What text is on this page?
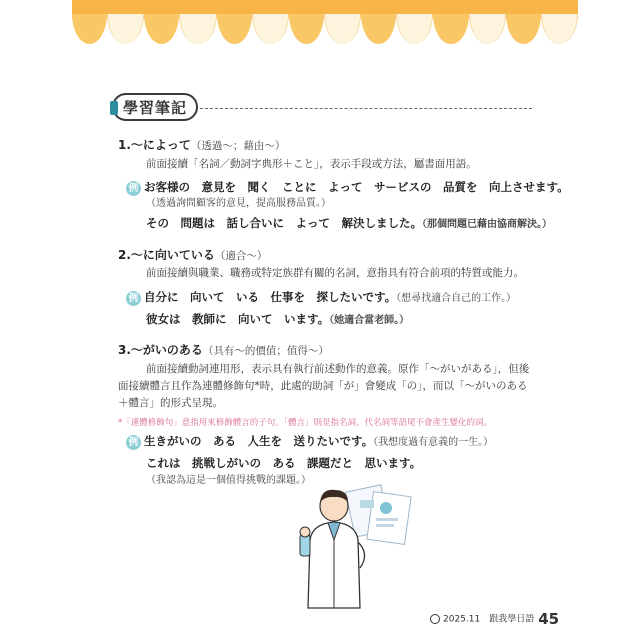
學習筆記
1.～によって（透過～；藉由～）
前面接續「名詞／動詞字典形＋こと」，表示手段或方法，屬書面用語。
例 お客様の　意見を　聞く　ことに　よって　サービスの　品質を　向上させます。
（透過詢問顧客的意見，提高服務品質。）
その　問題は　話し合いに　よって　解決しました。（那個問題已藉由協商解決。）
2.～に向いている（適合～）
前面接續與職業、職務或特定族群有關的名詞，意指具有符合前項的特質或能力。
例 自分に　向いて　いる　仕事を　探したいです。（想尋找適合自己的工作。）
彼女は　教師に　向いて　います。（她適合當老師。）
3.～がいのある（具有～的價值；值得～）
前面接續動詞連用形，表示具有執行前述動作的意義。原作「～がいがある」，但後
面接續體言且作為連體修飾句*時，此處的助詞「が」會變成「の」，而以「～がいのある
＋體言」的形式呈現。
*「連體修飾句」意指用來修飾體言的子句。「體言」則是指名詞、代名詞等語尾不會產生變化的詞。
例 生きがいの　ある　人生を　送りたいです。（我想度過有意義的一生。）
これは　挑戦しがいの　ある　課題だと　思います。
（我認為這是一個值得挑戰的課題。）
2025.11　跟我學日語 45
